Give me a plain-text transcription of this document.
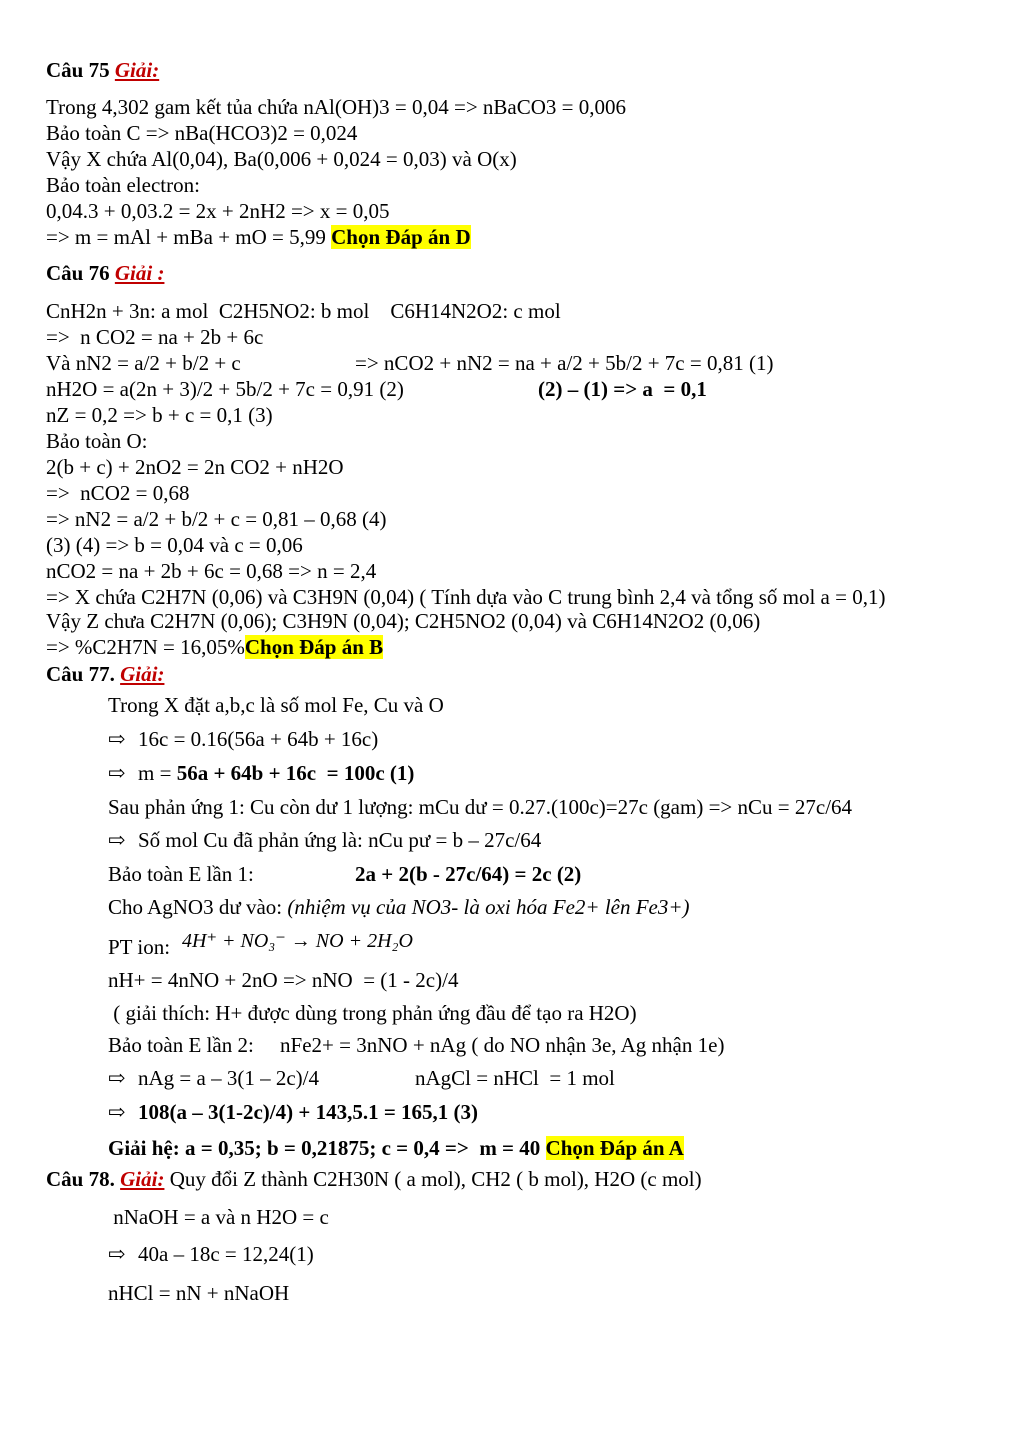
Câu 75 Giải:
Trong 4,302 gam kết tủa chứa nAl(OH)3 = 0,04 => nBaCO3 = 0,006
Bảo toàn C => nBa(HCO3)2 = 0,024
Vậy X chứa Al(0,04), Ba(0,006 + 0,024 = 0,03) và O(x)
Bảo toàn electron:
0,04.3 + 0,03.2 = 2x + 2nH2 => x = 0,05
=> m = mAl + mBa + mO = 5,99 Chọn Đáp án D
Câu 76 Giải :
CnH2n + 3n: a mol  C2H5NO2: b mol    C6H14N2O2: c mol
=>  n CO2 = na + 2b + 6c
Và nN2 = a/2 + b/2 + c	=> nCO2 + nN2 = na + a/2 + 5b/2 + 7c = 0,81 (1)
nH2O = a(2n + 3)/2 + 5b/2 + 7c = 0,91 (2)	(2) – (1) => a  = 0,1
nZ = 0,2 => b + c = 0,1 (3)
Bảo toàn O:
2(b + c) + 2nO2 = 2n CO2 + nH2O
=>  nCO2 = 0,68
=> nN2 = a/2 + b/2 + c = 0,81 – 0,68 (4)
(3) (4) => b = 0,04 và c = 0,06
nCO2 = na + 2b + 6c = 0,68 => n = 2,4
=> X chứa C2H7N (0,06) và C3H9N (0,04) ( Tính dựa vào C trung bình 2,4 và tổng số mol a = 0,1)
Vậy Z chưa C2H7N (0,06); C3H9N (0,04); C2H5NO2 (0,04) và C6H14N2O2 (0,06)
=> %C2H7N = 16,05%Chọn Đáp án B
Câu 77. Giải:
Trong X đặt a,b,c là số mol Fe, Cu và O
⇨ 16c = 0.16(56a + 64b + 16c)
⇨ m = 56a + 64b + 16c  = 100c (1)
Sau phản ứng 1: Cu còn dư 1 lượng: mCu dư = 0.27.(100c)=27c (gam) => nCu = 27c/64
⇨ Số mol Cu đã phản ứng là: nCu pư = b – 27c/64
Bảo toàn E lần 1:	2a + 2(b - 27c/64) = 2c (2)
Cho AgNO3 dư vào: (nhiệm vụ của NO3- là oxi hóa Fe2+ lên Fe3+)
PT ion: 4H⁺ + NO₃⁻ → NO + 2H₂O
nH+ = 4nNO + 2nO => nNO  = (1 - 2c)/4
( giải thích: H+ được dùng trong phản ứng đầu để tạo ra H2O)
Bảo toàn E lần 2:     nFe2+ = 3nNO + nAg ( do NO nhận 3e, Ag nhận 1e)
⇨ nAg = a – 3(1 – 2c)/4	nAgCl = nHCl  = 1 mol
⇨ 108(a – 3(1-2c)/4) + 143,5.1 = 165,1 (3)
Giải hệ: a = 0,35; b = 0,21875; c = 0,4 =>  m = 40 Chọn Đáp án A
Câu 78. Giải: Quy đổi Z thành C2H30N ( a mol), CH2 ( b mol), H2O (c mol)
nNaOH = a và n H2O = c
⇨ 40a – 18c = 12,24(1)
nHCl = nN + nNaOH
